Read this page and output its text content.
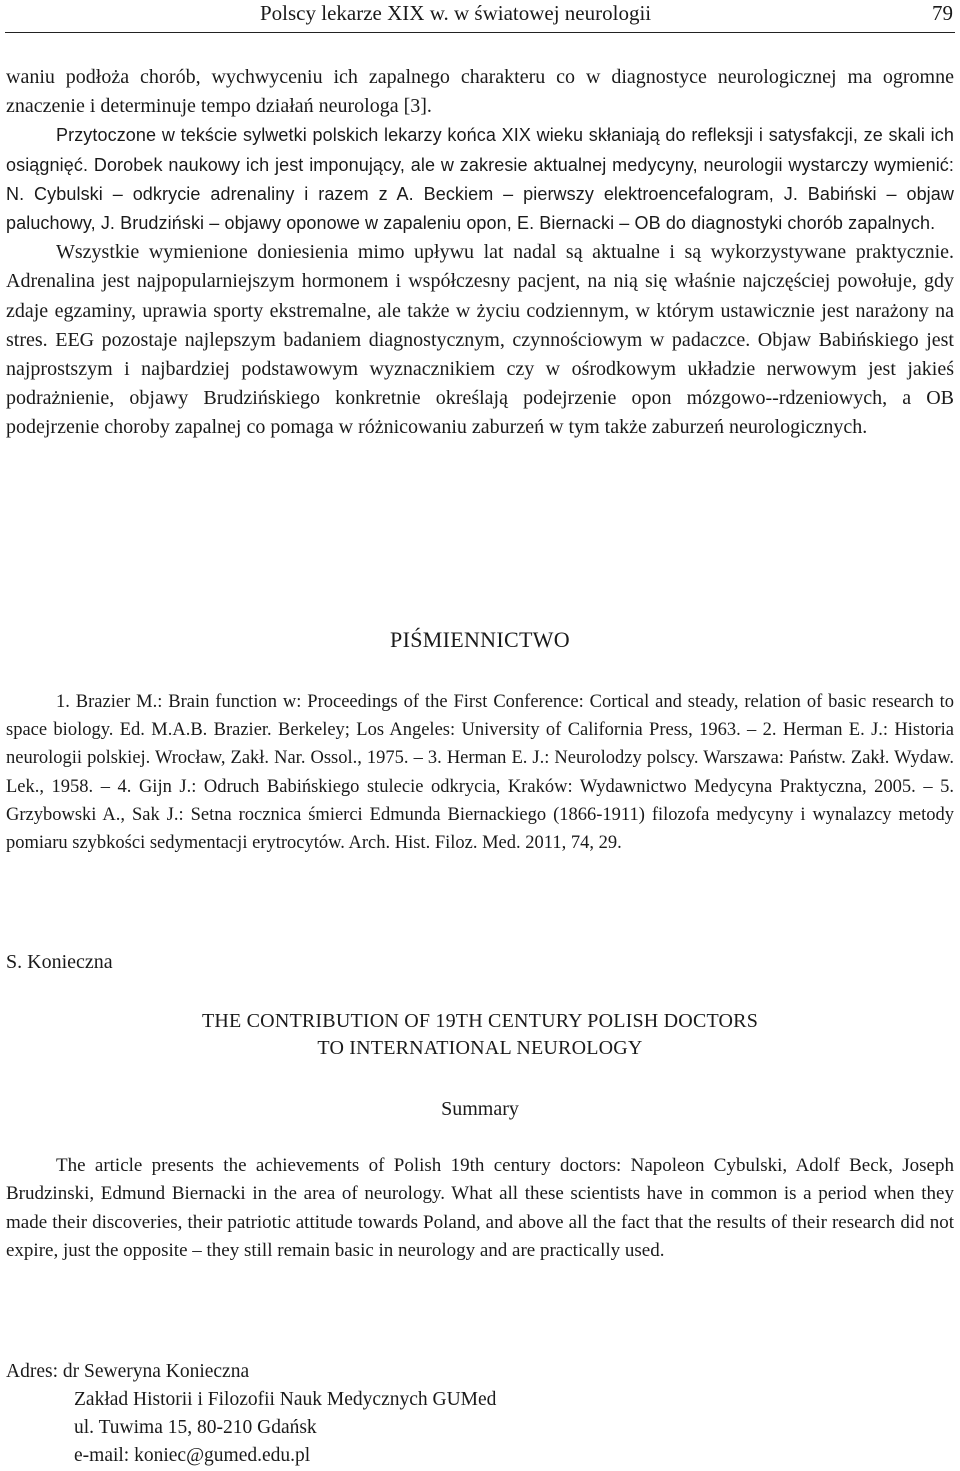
Polscy lekarze XIX w. w światowej neurologii	79

waniu podłoża chorób, wychwyceniu ich zapalnego charakteru co w diagnostyce neurologicznej ma ogromne znaczenie i determinuje tempo działań neurologa [3].

Przytoczone w tekście sylwetki polskich lekarzy końca XIX wieku skłaniają do refleksji i satysfakcji, ze skali ich osiągnięć. Dorobek naukowy ich jest imponujący, ale w zakresie aktualnej medycyny, neurologii wystarczy wymienić: N. Cybulski – odkrycie adrenaliny i razem z A. Beckiem – pierwszy elektroencefalogram, J. Babiński – objaw paluchowy, J. Brudziński – objawy oponowe w zapaleniu opon, E. Biernacki – OB do diagnostyki chorób zapalnych.

Wszystkie wymienione doniesienia mimo upływu lat nadal są aktualne i są wykorzystywane praktycznie. Adrenalina jest najpopularniejszym hormonem i współczesny pacjent, na nią się właśnie najczęściej powołuje, gdy zdaje egzaminy, uprawia sporty ekstremalne, ale także w życiu codziennym, w którym ustawicznie jest narażony na stres. EEG pozostaje najlepszym badaniem diagnostycznym, czynnościowym w padaczce. Objaw Babińskiego jest najprostszym i najbardziej podstawowym wyznacznikiem czy w ośrodkowym układzie nerwowym jest jakieś podrażnienie, objawy Brudzińskiego konkretnie określają podejrzenie opon mózgowo--rdzeniowych, a OB podejrzenie choroby zapalnej co pomaga w różnicowaniu zaburzeń w tym także zaburzeń neurologicznych.

PIŚMIENNICTWO

1. Brazier M.: Brain function w: Proceedings of the First Conference: Cortical and steady, relation of basic research to space biology. Ed. M.A.B. Brazier. Berkeley; Los Angeles: University of California Press, 1963. – 2. Herman E. J.: Historia neurologii polskiej. Wrocław, Zakł. Nar. Ossol., 1975. – 3. Herman E. J.: Neurolodzy polscy. Warszawa: Państw. Zakł. Wydaw. Lek., 1958. – 4. Gijn J.: Odruch Babińskiego stulecie odkrycia, Kraków: Wydawnictwo Medycyna Praktyczna, 2005. – 5. Grzybowski A., Sak J.: Setna rocznica śmierci Edmunda Biernackiego (1866-1911) filozofa medycyny i wynalazcy metody pomiaru szybkości sedymentacji erytrocytów. Arch. Hist. Filoz. Med. 2011, 74, 29.

S. Konieczna
THE CONTRIBUTION OF 19TH CENTURY POLISH DOCTORS
TO INTERNATIONAL NEUROLOGY
Summary

The article presents the achievements of Polish 19th century doctors: Napoleon Cybulski, Adolf Beck, Joseph Brudzinski, Edmund Biernacki in the area of neurology. What all these scientists have in common is a period when they made their discoveries, their patriotic attitude towards Poland, and above all the fact that the results of their research did not expire, just the opposite – they still remain basic in neurology and are practically used.

Adres: dr Seweryna Konieczna
Zakład Historii i Filozofii Nauk Medycznych GUMed
ul. Tuwima 15, 80-210 Gdańsk
e-mail: koniec@gumed.edu.pl
